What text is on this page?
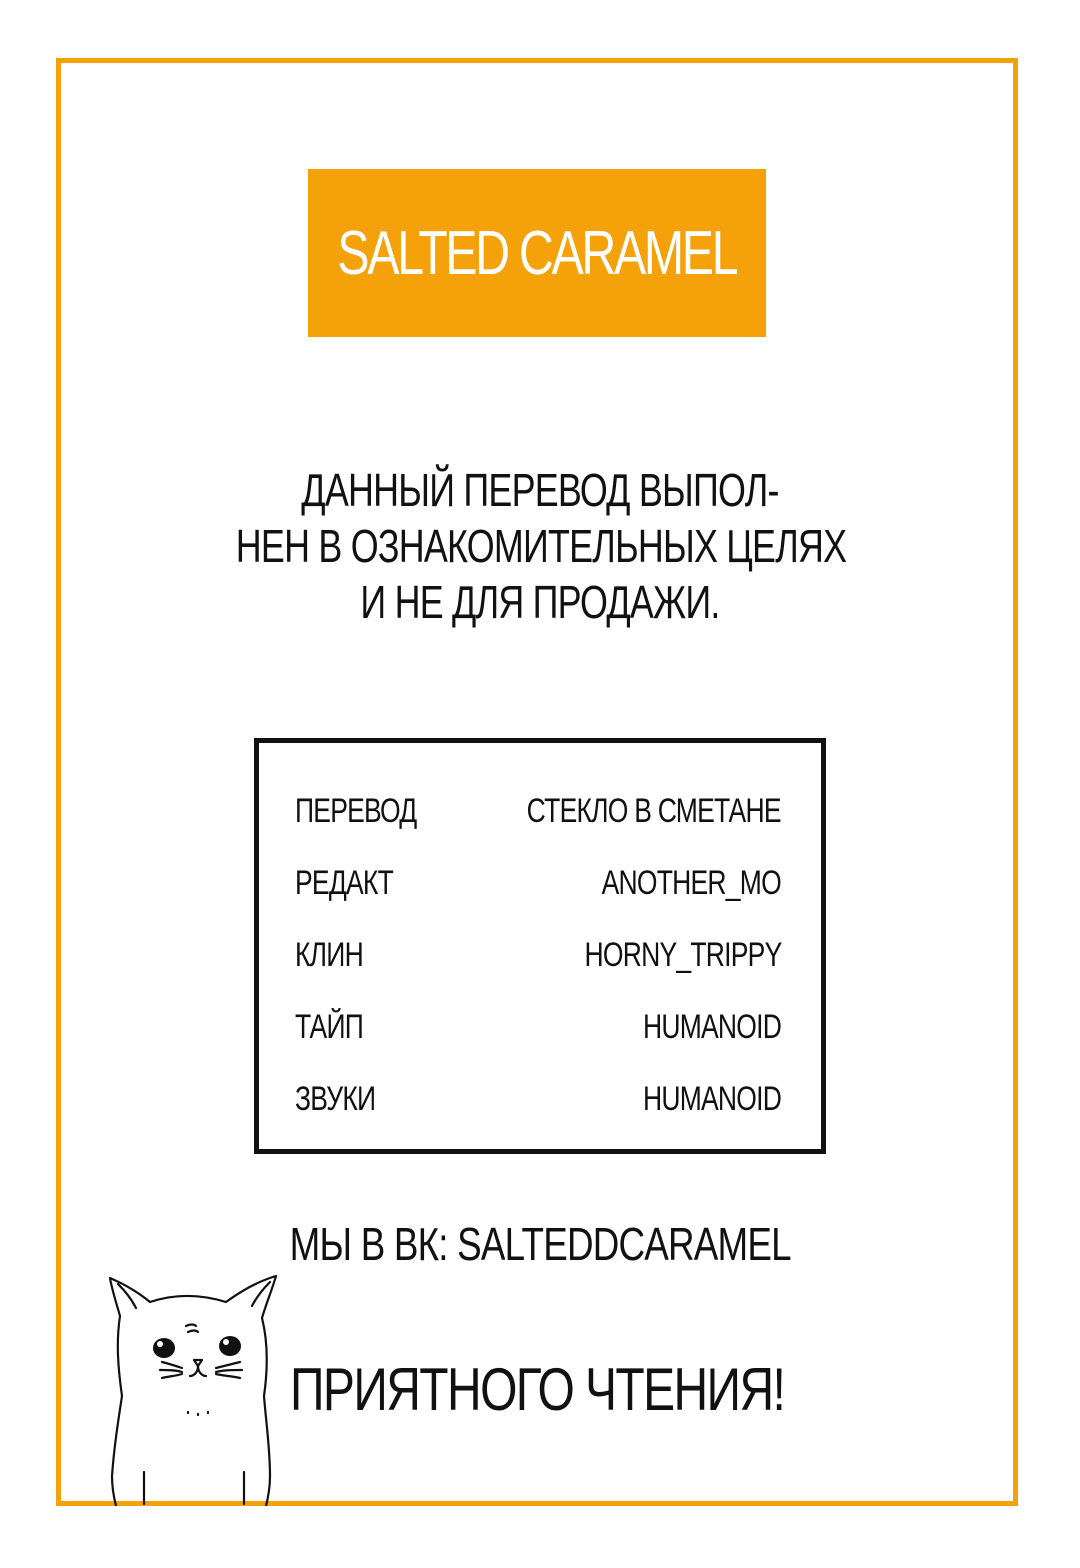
SALTED CARAMEL
ДАННЫЙ ПЕРЕВОД ВЫПОЛ-
НЕН В ОЗНАКОМИТЕЛЬНЫХ ЦЕЛЯХ
И НЕ ДЛЯ ПРОДАЖИ.
ПЕРЕВОД	СТЕКЛО В СМЕТАНЕ
РЕДАКТ	ANOTHER_MO
КЛИН	HORNY_TRIPPY
ТАЙП	HUMANOID
ЗВУКИ	HUMANOID
МЫ В ВК: SALTEDDCARAMEL
ПРИЯТНОГО ЧТЕНИЯ!
